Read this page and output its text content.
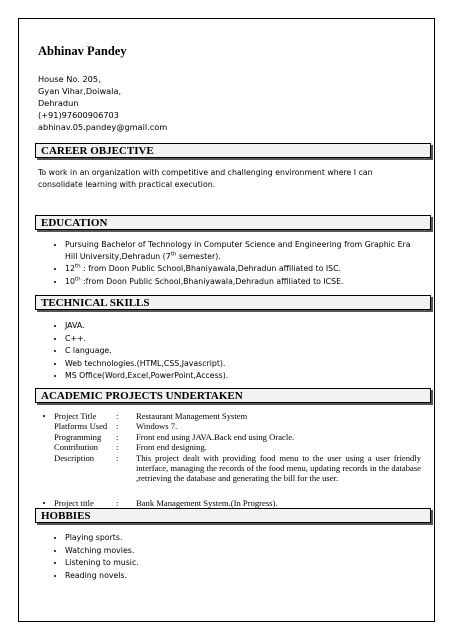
Abhinav Pandey
House No. 205,
Gyan Vihar,Doiwala,
Dehradun
(+91)97600906703
abhinav.05.pandey@gmail.com
CAREER OBJECTIVE
To work in an organization with competitive and challenging environment where I can consolidate learning with practical execution.
EDUCATION
• Pursuing Bachelor of Technology in Computer Science and Engineering from Graphic Era Hill University,Dehradun (7th semester).
• 12th : from Doon Public School,Bhaniyawala,Dehradun affiliated to ISC.
• 10th :from Doon Public School,Bhaniyawala,Dehradun affiliated to ICSE.
TECHNICAL SKILLS
• JAVA.
• C++.
• C language.
• Web technologies.(HTML,CSS,Javascript).
• MS Office(Word,Excel,PowerPoint,Access).
ACADEMIC PROJECTS UNDERTAKEN
• Project Title	:	Restaurant Management System
Platforms Used	:	Windows 7.
Programming	:	Front end using JAVA.Back end using Oracle.
Contribution	:	Front end designing.
Description	:	This project dealt with providing food menu to the user using a user friendly interface, managing the records of the food menu, updating records in the database ,retrieving the database and generating the bill for the user.
• Project title	:	Bank Management System.(In Progress).
HOBBIES
• Playing sports.
• Watching movies.
• Listening to music.
• Reading novels.
